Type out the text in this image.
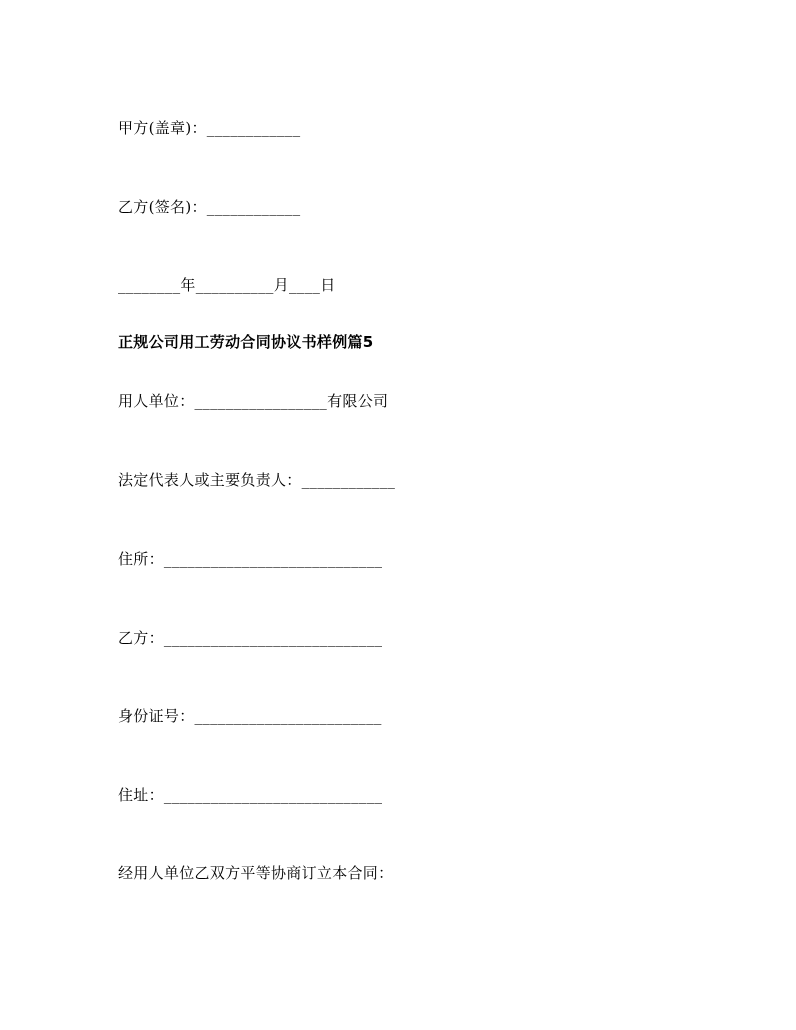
甲方(盖章)：____________
乙方(签名)：____________
________年__________月____日
正规公司用工劳动合同协议书样例篇5
用人单位：_________________有限公司
法定代表人或主要负责人：____________
住所：____________________________
乙方：____________________________
身份证号：________________________
住址：____________________________
经用人单位乙双方平等协商订立本合同：
